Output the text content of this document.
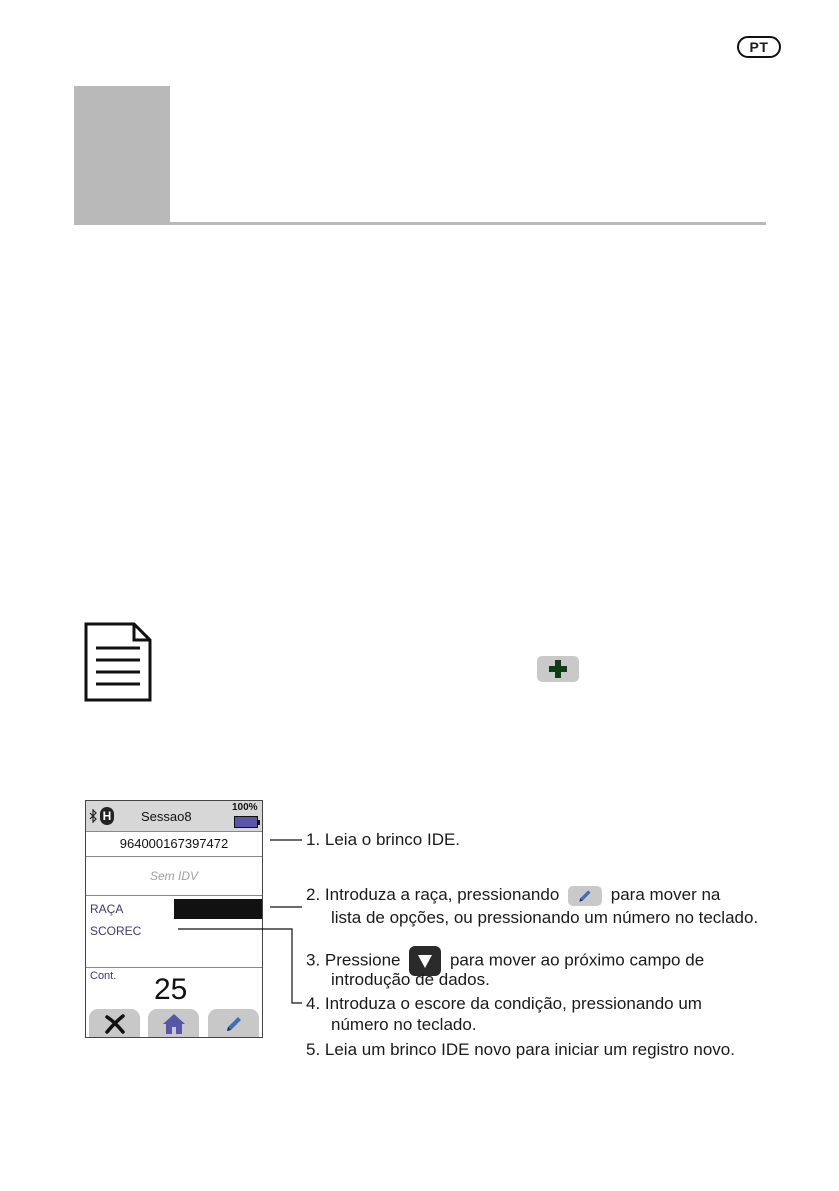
PT
H Sessao8
100%
964000167397472
Sem IDV
RAÇA
SCOREC
Cont. 25
1. Leia o brinco IDE.
2. Introduza a raça, pressionando	para mover na
lista de opções, ou pressionando um número no teclado.
3. Pressione	para mover ao próximo campo de
introdução de dados.
4. Introduza o escore da condição, pressionando um
número no teclado.
5. Leia um brinco IDE novo para iniciar um registro novo.
